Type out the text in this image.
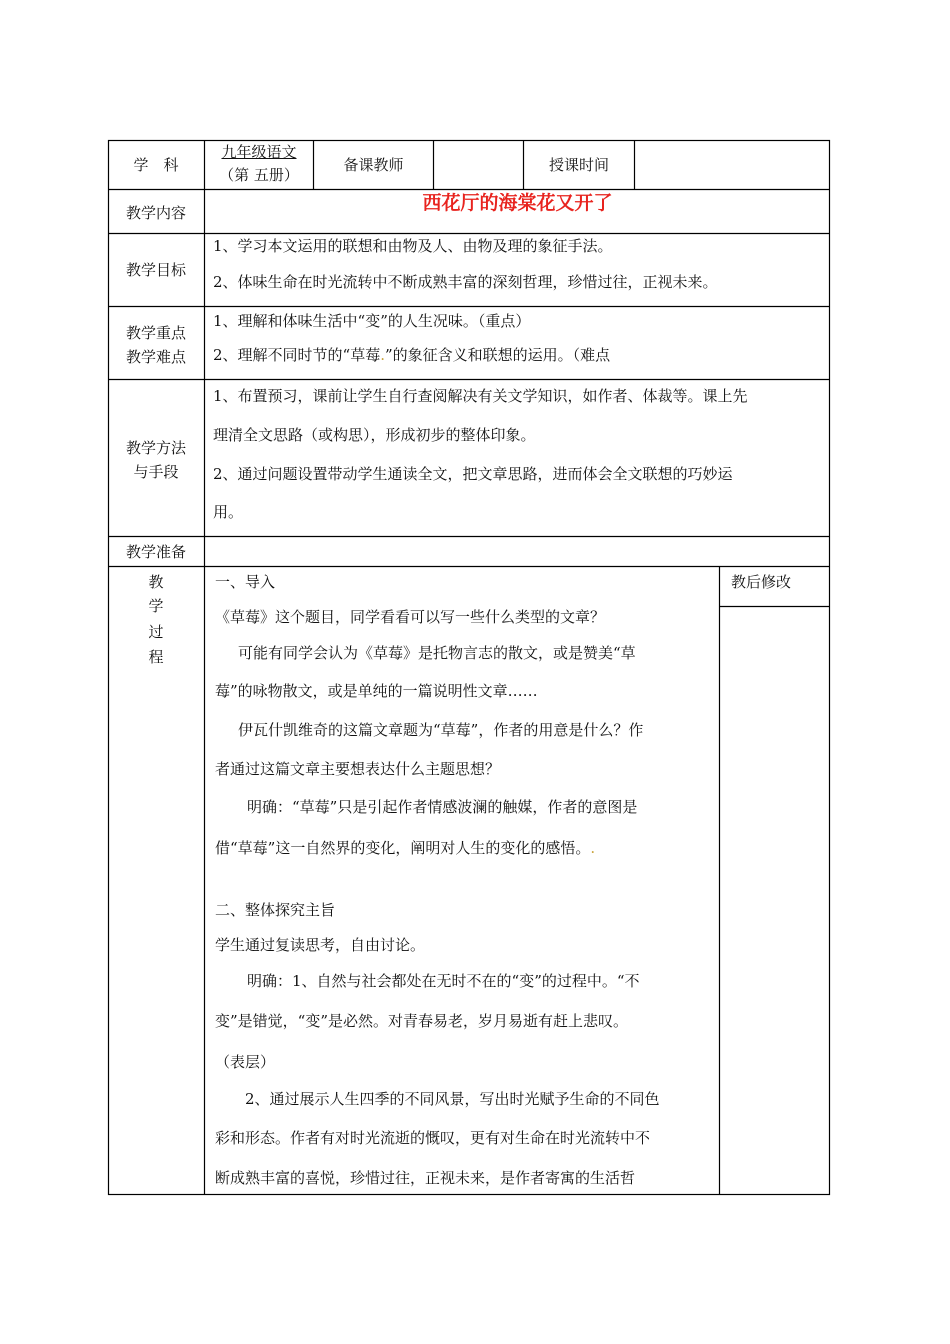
学　科
九年级语文
（第 五册）
备课教师	授课时间
教学内容	西花厅的海棠花又开了
教学目标
1、学习本文运用的联想和由物及人、由物及理的象征手法。
2、体味生命在时光流转中不断成熟丰富的深刻哲理，珍惜过往，正视未来。
教学重点
教学难点
1、理解和体味生活中“变”的人生况味。（重点）
2、理解不同时节的“草莓.”的象征含义和联想的运用。（难点
教学方法
与手段
1、布置预习，课前让学生自行查阅解决有关文学知识，如作者、体裁等。课上先
理清全文思路（或构思），形成初步的整体印象。
2、通过问题设置带动学生通读全文，把文章思路，进而体会全文联想的巧妙运
用。
教学准备
教
学
过
程
教后修改
一、导入
《草莓》这个题目，同学看看可以写一些什么类型的文章？
可能有同学会认为《草莓》是托物言志的散文，或是赞美“草
莓”的咏物散文，或是单纯的一篇说明性文章……
伊瓦什凯维奇的这篇文章题为“草莓”，作者的用意是什么？作
者通过这篇文章主要想表达什么主题思想？
明确：“草莓”只是引起作者情感波澜的触媒，作者的意图是
借“草莓”这一自然界的变化，阐明对人生的变化的感悟。.
二、整体探究主旨
学生通过复读思考，自由讨论。
明确：1、自然与社会都处在无时不在的“变”的过程中。“不
变”是错觉，“变”是必然。对青春易老，岁月易逝有赶上悲叹。
（表层）
2、通过展示人生四季的不同风景，写出时光赋予生命的不同色
彩和形态。作者有对时光流逝的慨叹，更有对生命在时光流转中不
断成熟丰富的喜悦，珍惜过往，正视未来，是作者寄寓的生活哲
